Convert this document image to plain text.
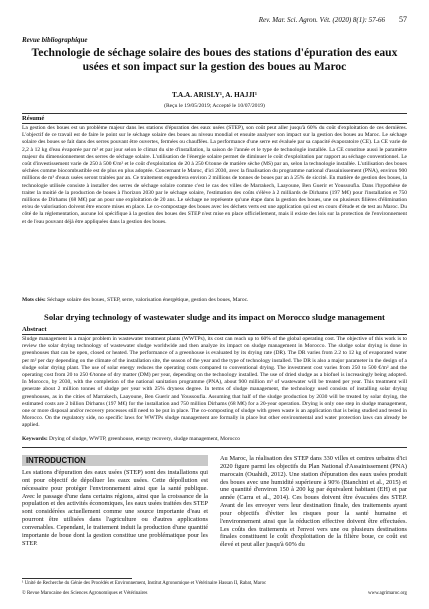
Rev. Mar. Sci. Agron. Vét. (2020) 8(1): 57-66 57
Revue bibliographique
Technologie de séchage solaire des boues des stations d'épuration des eaux usées et son impact sur la gestion des boues au Maroc
T.A.A. ARISLY¹, A. HAJJI¹
(Reçu le 19/05/2019; Accepté le 10/07/2019)
Résumé

La gestion des boues est un problème majeur dans les stations d'épuration des eaux usées (STEP), son coût peut aller jusqu'à 60% du coût d'exploitation de ces dernières. L'objectif de ce travail est de faire le point sur le séchage solaire des boues au niveau mondial et ensuite analyser son impact sur la gestion des boues au Maroc. Le séchage solaire des boues se fait dans des serres pouvant être ouvertes, fermées ou chauffées. La performance d'une serre est évaluée par sa capacité évaporatoire (CE). La CE varie de 2,2 à 12 kg d'eau évaporée par m² et par jour selon le climat du site d'installation, la saison de l'année et le type de technologie installée. La CE constitue aussi le paramètre majeur du dimensionnement des serres de séchage solaire. L'utilisation de l'énergie solaire permet de diminuer le coût d'exploitation par rapport au séchage conventionnel. Le coût d'investissement varie de 250 à 500 €/m² et le coût d'exploitation de 20 à 250 €/tonne de matière sèche (MS) par an, selon la technologie installée. L'utilisation des boues séchées comme biocombustible est de plus en plus adoptée. Concernant le Maroc, d'ici 2030, avec la finalisation du programme national d'assainissement (PNA), environ 900 millions de m³ d'eaux usées seront traitées par an. Ce traitement engendrera environ 2 millions de tonnes de boues par an à 25% de siccité. En matière de gestion des boues, la technologie utilisée consiste à installer des serres de séchage solaire comme c'est le cas des villes de Marrakech, Laayoune, Ben Guerir et Youssoufia. Dans l'hypothèse de traiter la moitié de la production de boues à l'horizon 2030 par le séchage solaire, l'estimation des coûts s'élève à 2 milliards de Dirhams (197 M€) pour l'installation et 750 millions de Dirhams (68 M€) par an pour une exploitation de 20 ans. Le séchage ne représente qu'une étape dans la gestion des boues, une ou plusieurs filières d'élimination et/ou de valorisation doivent être encore mises en place. Le co-compostage des boues avec les déchets verts est une application qui est en cours d'étude et de test au Maroc. Du côté de la réglementation, aucune loi spécifique à la gestion des boues des STEP n'est mise en place officiellement, mais il existe des lois sur la protection de l'environnement et de l'eau pouvant déjà être appliquées dans la gestion des boues.

Mots clés: Séchage solaire des boues, STEP, serre, valorisation énergétique, gestion des boues, Maroc.
Solar drying technology of wastewater sludge and its impact on Morocco sludge management
Abstract

Sludge management is a major problem in wastewater treatment plants (WWTPs), its cost can reach up to 60% of the global operating cost. The objective of this work is to review the solar drying technology of wastewater sludge worldwide and then analyze its impact on sludge management in Morocco. The sludge solar drying is done in greenhouses that can be open, closed or heated. The performance of a greenhouse is evaluated by its drying rate (DR). The DR varies from 2.2 to 12 kg of evaporated water per m² per day depending on the climate of the installation site, the season of the year and the type of technology installed. The DR is also a major parameter in the design of a sludge solar drying plant. The use of solar energy reduces the operating costs compared to conventional drying. The investment cost varies from 250 to 500 €/m² and the operating cost from 20 to 250 €/tonne of dry matter (DM) per year, depending on the technology installed. The use of dried sludge as a biofuel is increasingly being adopted. In Morocco, by 2030, with the completion of the national sanitation programme (PNA), about 900 million m³ of wastewater will be treated per year. This treatment will generate about 2 million tonnes of sludge per year with 25% dryness degree. In terms of sludge management, the technology used consists of installing solar drying greenhouses, as in the cities of Marrakech, Laayoune, Ben Guerir and Youssoufia. Assuming that half of the sludge production by 2030 will be treated by solar drying, the estimated costs are 2 billion Dirhams (197 M€) for the installation and 750 million Dirhams (68 M€) for a 20-year operation. Drying is only one step in sludge management, one or more disposal and/or recovery processes still need to be put in place. The co-composting of sludge with green waste is an application that is being studied and tested in Morocco. On the regulatory side, no specific laws for WWTPs sludge management are formally in place but other environmental and water protection laws can already be applied.

Keywords: Drying of sludge, WWTP, greenhouse, energy recovery, sludge management, Morocco
INTRODUCTION

Les stations d'épuration des eaux usées (STEP) sont des installations qui ont pour objectif de dépolluer les eaux usées. Cette dépollution est nécessaire pour protéger l'environnement ainsi que la santé publique. Avec le passage d'une dans certains régions, ainsi que la croissance de la population et des activités économiques, les eaux usées traitées des STEP sont considérées actuellement comme une source importante d'eau et pourront être utilisées dans l'agriculture ou d'autres applications convenables. Cependant, le traitement induit la production d'une quantité importante de boue dont la gestion constitue une problématique pour les STEP.

Au Maroc, la réalisation des STEP dans 330 villes et centres urbains d'ici 2020 figure parmi les objectifs du Plan National d'Assainissement (PNA) marocain (Ouahidi, 2012). Une station d'épuration des eaux usées produit des boues avec une humidité supérieure à 90% (Bianchini et al., 2015) et une quantité d'environ 150 à 200 kg par équivalent habitant (EH) et par année (Carra et al., 2014). Ces boues doivent être évacuées des STEP. Avant de les envoyer vers leur destination finale, des traitements ayant pour objectifs d'éviter les risques pour la santé humaine et l'environnement ainsi que la réduction effective doivent être effectuées. Les coûts des traitements et l'envoi vers une ou plusieurs destinations finales constituent le coût d'exploitation de la filière boue, ce coût est élevé et peut aller jusqu'à 60% du

¹ Unité de Recherche du Génie des Procédés et Environnement, Institut Agronomique et Vétérinaire Hassan II, Rabat, Maroc
© Revue Marocaine des Sciences Agronomiques et Vétérinaires	www.agrimaroc.org
